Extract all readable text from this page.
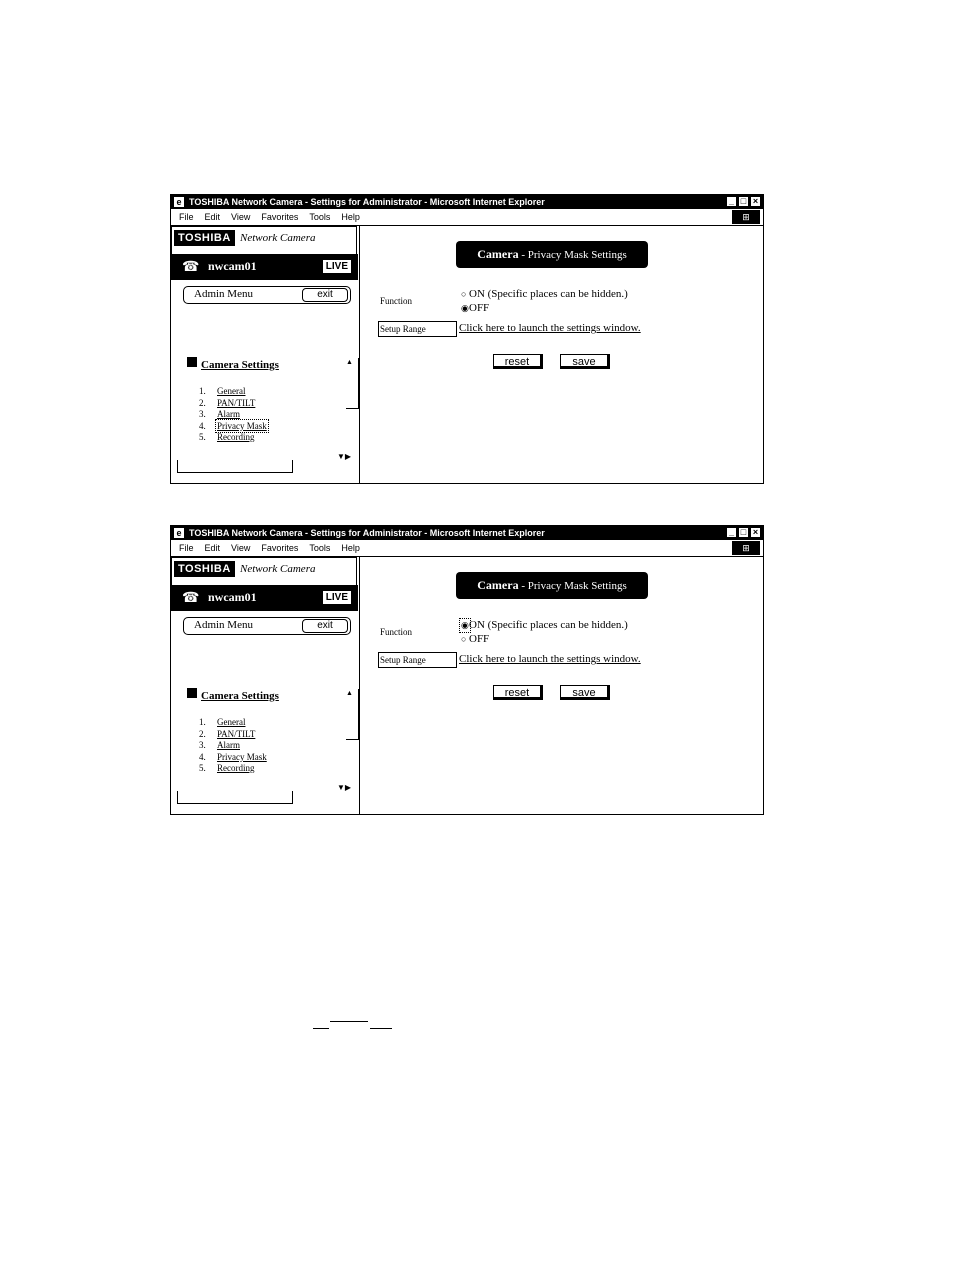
e TOSHIBA Network Camera - Settings for Administrator - Microsoft Internet Explorer	_ □ ×
File Edit View Favorites Tools Help	⊞
TOSHIBA Network Camera
☎ nwcam01	LIVE
Admin Menu	exit
Camera Settings
1. General
2. PAN/TILT
3. Alarm
4. Privacy Mask
5. Recording
▲
▼▶
Camera - Privacy Mask Settings
Function
○ ON (Specific places can be hidden.)
◉OFF
Setup Range	Click here to launch the settings window.
reset	save
e TOSHIBA Network Camera - Settings for Administrator - Microsoft Internet Explorer	_ □ ×
File Edit View Favorites Tools Help	⊞
TOSHIBA Network Camera
☎ nwcam01	LIVE
Admin Menu	exit
Camera Settings
1. General
2. PAN/TILT
3. Alarm
4. Privacy Mask
5. Recording
▲
▼▶
Camera - Privacy Mask Settings
Function
◉ON (Specific places can be hidden.)
○ OFF
Setup Range	Click here to launch the settings window.
reset	save
